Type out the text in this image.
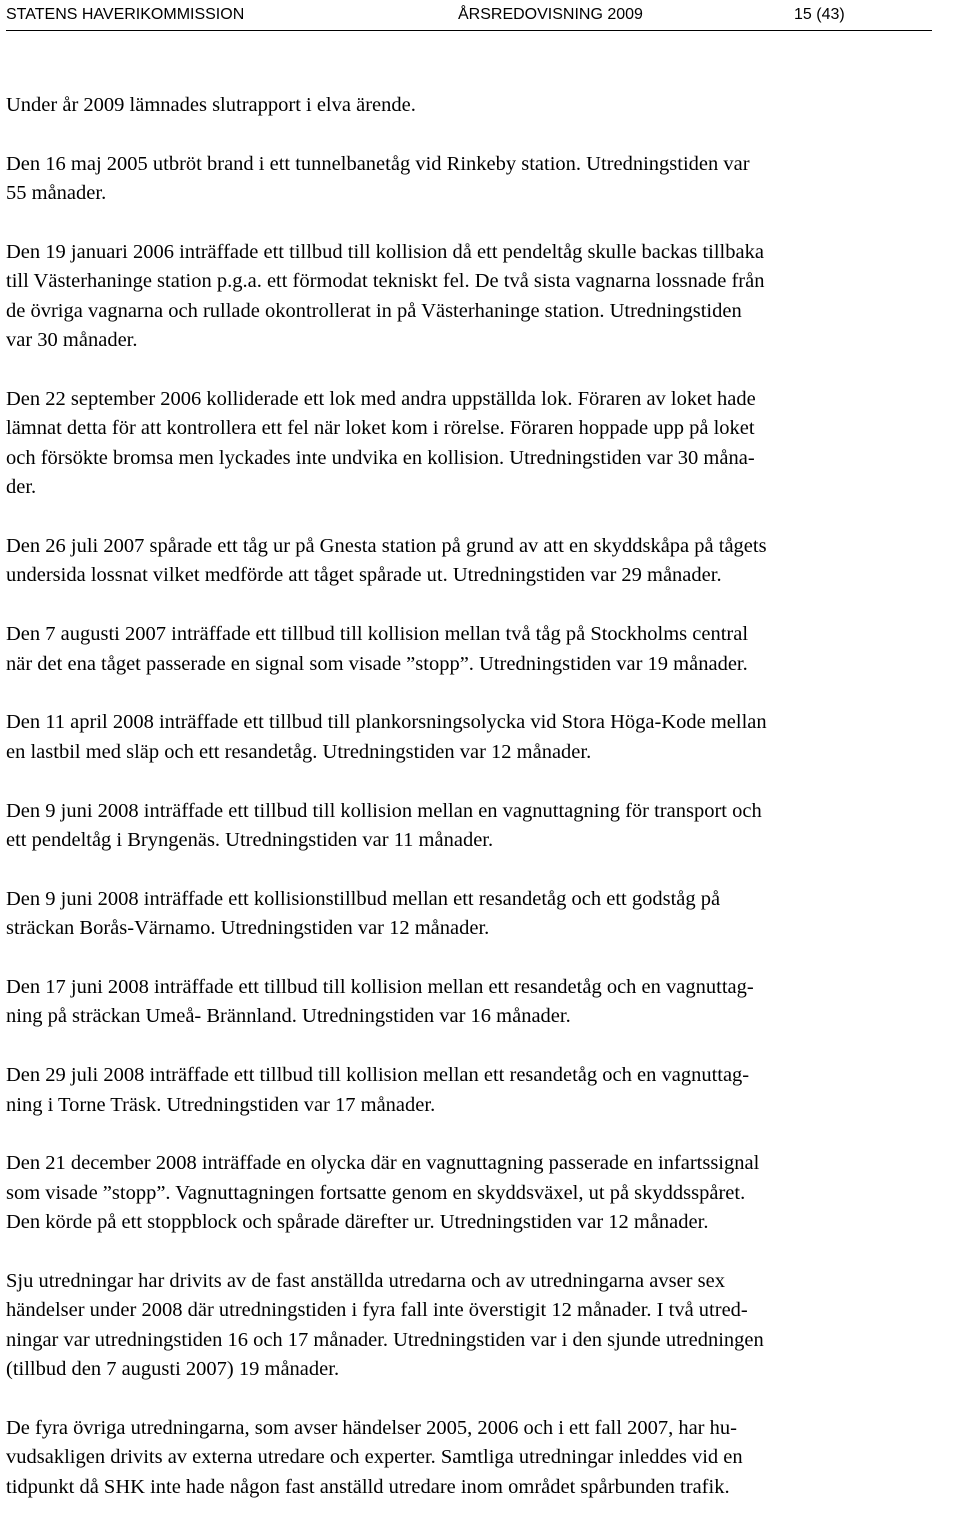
STATENS HAVERIKOMMISSION	ÅRSREDOVISNING 2009	15 (43)

Under år 2009 lämnades slutrapport i elva ärende.

Den 16 maj 2005 utbröt brand i ett tunnelbanetåg vid Rinkeby station. Utredningstiden var
55 månader.

Den 19 januari 2006 inträffade ett tillbud till kollision då ett pendeltåg skulle backas tillbaka
till Västerhaninge station p.g.a. ett förmodat tekniskt fel. De två sista vagnarna lossnade från
de övriga vagnarna och rullade okontrollerat in på Västerhaninge station. Utredningstiden
var 30 månader.

Den 22 september 2006 kolliderade ett lok med andra uppställda lok. Föraren av loket hade
lämnat detta för att kontrollera ett fel när loket kom i rörelse. Föraren hoppade upp på loket
och försökte bromsa men lyckades inte undvika en kollision. Utredningstiden var 30 måna-
der.

Den 26 juli 2007 spårade ett tåg ur på Gnesta station på grund av att en skyddskåpa på tågets
undersida lossnat vilket medförde att tåget spårade ut. Utredningstiden var 29 månader.

Den 7 augusti 2007 inträffade ett tillbud till kollision mellan två tåg på Stockholms central
när det ena tåget passerade en signal som visade ”stopp”. Utredningstiden var 19 månader.

Den 11 april 2008 inträffade ett tillbud till plankorsningsolycka vid Stora Höga-Kode mellan
en lastbil med släp och ett resandetåg. Utredningstiden var 12 månader.

Den 9 juni 2008 inträffade ett tillbud till kollision mellan en vagnuttagning för transport och
ett pendeltåg i Bryngenäs. Utredningstiden var 11 månader.

Den 9 juni 2008 inträffade ett kollisionstillbud mellan ett resandetåg och ett godståg på
sträckan Borås-Värnamo. Utredningstiden var 12 månader.

Den 17 juni 2008 inträffade ett tillbud till kollision mellan ett resandetåg och en vagnuttag-
ning på sträckan Umeå- Brännland. Utredningstiden var 16 månader.

Den 29 juli 2008 inträffade ett tillbud till kollision mellan ett resandetåg och en vagnuttag-
ning i Torne Träsk. Utredningstiden var 17 månader.

Den 21 december 2008 inträffade en olycka där en vagnuttagning passerade en infartssignal
som visade ”stopp”. Vagnuttagningen fortsatte genom en skyddsväxel, ut på skyddsspåret.
Den körde på ett stoppblock och spårade därefter ur. Utredningstiden var 12 månader.

Sju utredningar har drivits av de fast anställda utredarna och av utredningarna avser sex
händelser under 2008 där utredningstiden i fyra fall inte överstigit 12 månader. I två utred-
ningar var utredningstiden 16 och 17 månader. Utredningstiden var i den sjunde utredningen
(tillbud den 7 augusti 2007) 19 månader.

De fyra övriga utredningarna, som avser händelser 2005, 2006 och i ett fall 2007, har hu-
vudsakligen drivits av externa utredare och experter. Samtliga utredningar inleddes vid en
tidpunkt då SHK inte hade någon fast anställd utredare inom området spårbunden trafik.
